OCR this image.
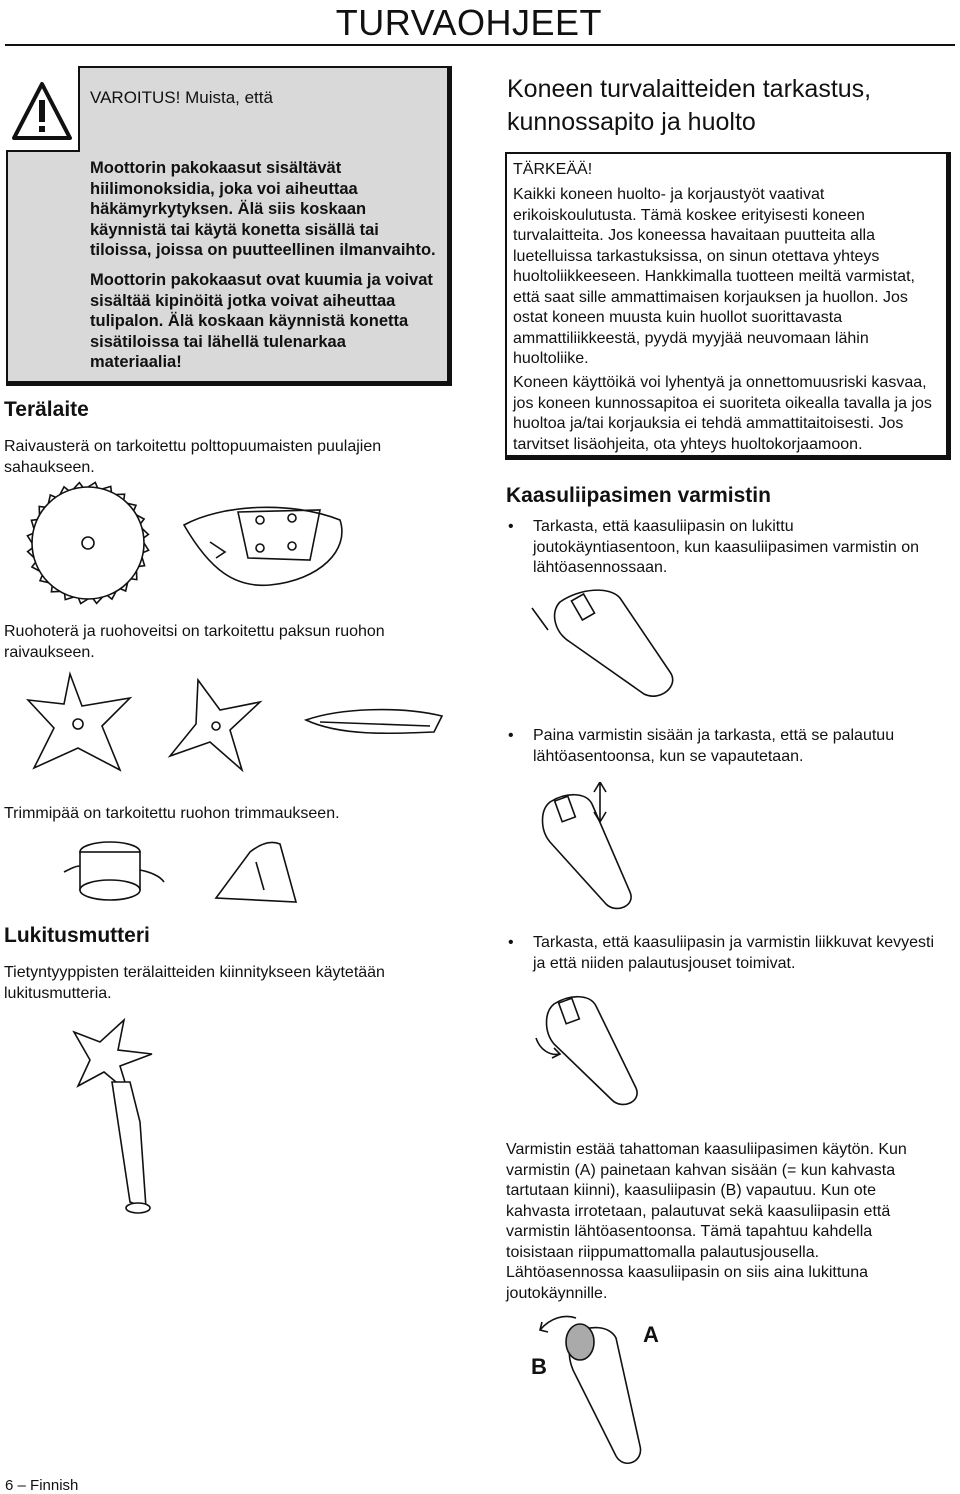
TURVAOHJEET
VAROITUS! Muista, että
Moottorin pakokaasut sisältävät
hiilimonoksidia, joka voi aiheuttaa
häkämyrkytyksen. Älä siis koskaan
käynnistä tai käytä konetta sisällä tai
tiloissa, joissa on puutteellinen ilmanvaihto.
Moottorin pakokaasut ovat kuumia ja voivat
sisältää kipinöitä jotka voivat aiheuttaa
tulipalon. Älä koskaan käynnistä konetta
sisätiloissa tai lähellä tulenarkaa
materiaalia!
Terälaite
Raivausterä on tarkoitettu polttopuumaisten puulajien
sahaukseen.
Ruohoterä ja ruohoveitsi on tarkoitettu paksun ruohon
raivaukseen.
Trimmipää on tarkoitettu ruohon trimmaukseen.
Lukitusmutteri
Tietyntyyppisten terälaitteiden kiinnitykseen käytetään
lukitusmutteria.
Koneen turvalaitteiden tarkastus,
kunnossapito ja huolto
TÄRKEÄÄ!
Kaikki koneen huolto- ja korjaustyöt vaativat
erikoiskoulutusta. Tämä koskee erityisesti koneen
turvalaitteita. Jos koneessa havaitaan puutteita alla
luetelluissa tarkastuksissa, on sinun otettava yhteys
huoltoliikkeeseen. Hankkimalla tuotteen meiltä varmistat,
että saat sille ammattimaisen korjauksen ja huollon. Jos
ostat koneen muusta kuin huollot suorittavasta
ammattiliikkeestä, pyydä myyjää neuvomaan lähin
huoltoliike.
Koneen käyttöikä voi lyhentyä ja onnettomuusriski kasvaa,
jos koneen kunnossapitoa ei suoriteta oikealla tavalla ja jos
huoltoa ja/tai korjauksia ei tehdä ammattitaitoisesti. Jos
tarvitset lisäohjeita, ota yhteys huoltokorjaamoon.
Kaasuliipasimen varmistin
• Tarkasta, että kaasuliipasin on lukittu
joutokäyntiasentoon, kun kaasuliipasimen varmistin on
lähtöasennossaan.
• Paina varmistin sisään ja tarkasta, että se palautuu
lähtöasentoonsa, kun se vapautetaan.
• Tarkasta, että kaasuliipasin ja varmistin liikkuvat kevyesti
ja että niiden palautusjouset toimivat.
Varmistin estää tahattoman kaasuliipasimen käytön. Kun
varmistin (A) painetaan kahvan sisään (= kun kahvasta
tartutaan kiinni), kaasuliipasin (B) vapautuu. Kun ote
kahvasta irrotetaan, palautuvat sekä kaasuliipasin että
varmistin lähtöasentoonsa. Tämä tapahtuu kahdella
toisistaan riippumattomalla palautusjousella.
Lähtöasennossa kaasuliipasin on siis aina lukittuna
joutokäynnille.
A
B
6 – Finnish
